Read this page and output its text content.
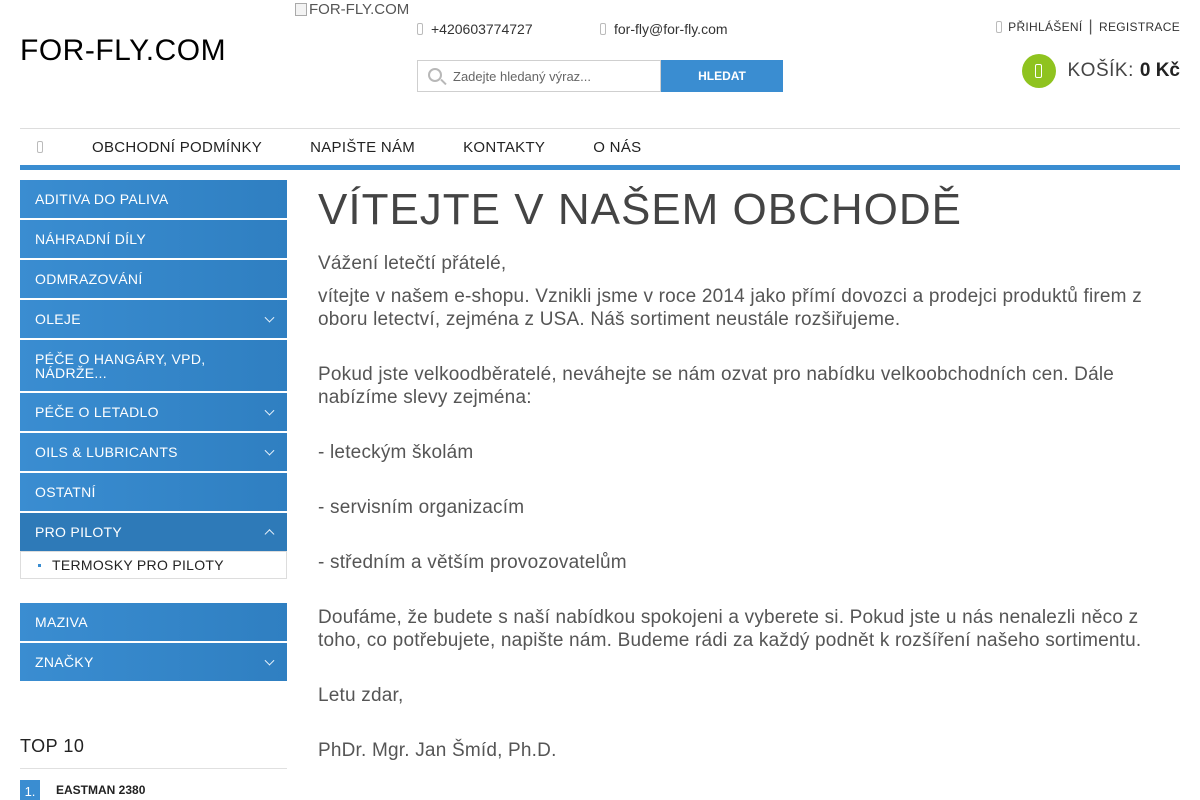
FOR-FLY.COM
FOR-FLY.COM
+420603774727	for-fly@for-fly.com
Zadejte hledaný výraz...
HLEDAT
PŘIHLÁŠENÍ | REGISTRACE
KOŠÍK: 0 Kč
OBCHODNÍ PODMÍNKY	NAPIŠTE NÁM	KONTAKTY	O NÁS
ADITIVA DO PALIVA
NÁHRADNÍ DÍLY
ODMRAZOVÁNÍ
OLEJE
PÉČE O HANGÁRY, VPD, NÁDRŽE...
PÉČE O LETADLO
OILS & LUBRICANTS
OSTATNÍ
PRO PILOTY
TERMOSKY PRO PILOTY
MAZIVA
ZNAČKY
TOP 10
1.	EASTMAN 2380
VÍTEJTE V NAŠEM OBCHODĚ

Vážení letečtí přátelé,

vítejte v našem e-shopu. Vznikli jsme v roce 2014 jako přímí dovozci a prodejci produktů firem z oboru letectví, zejména z USA. Náš sortiment neustále rozšiřujeme.

Pokud jste velkoodběratelé, neváhejte se nám ozvat pro nabídku velkoobchodních cen. Dále nabízíme slevy zejména:

- leteckým školám

- servisním organizacím

- středním a větším provozovatelům

Doufáme, že budete s naší nabídkou spokojeni a vyberete si. Pokud jste u nás nenalezli něco z toho, co potřebujete, napište nám. Budeme rádi za každý podnět k rozšíření našeho sortimentu.

Letu zdar,

PhDr. Mgr. Jan Šmíd, Ph.D.
